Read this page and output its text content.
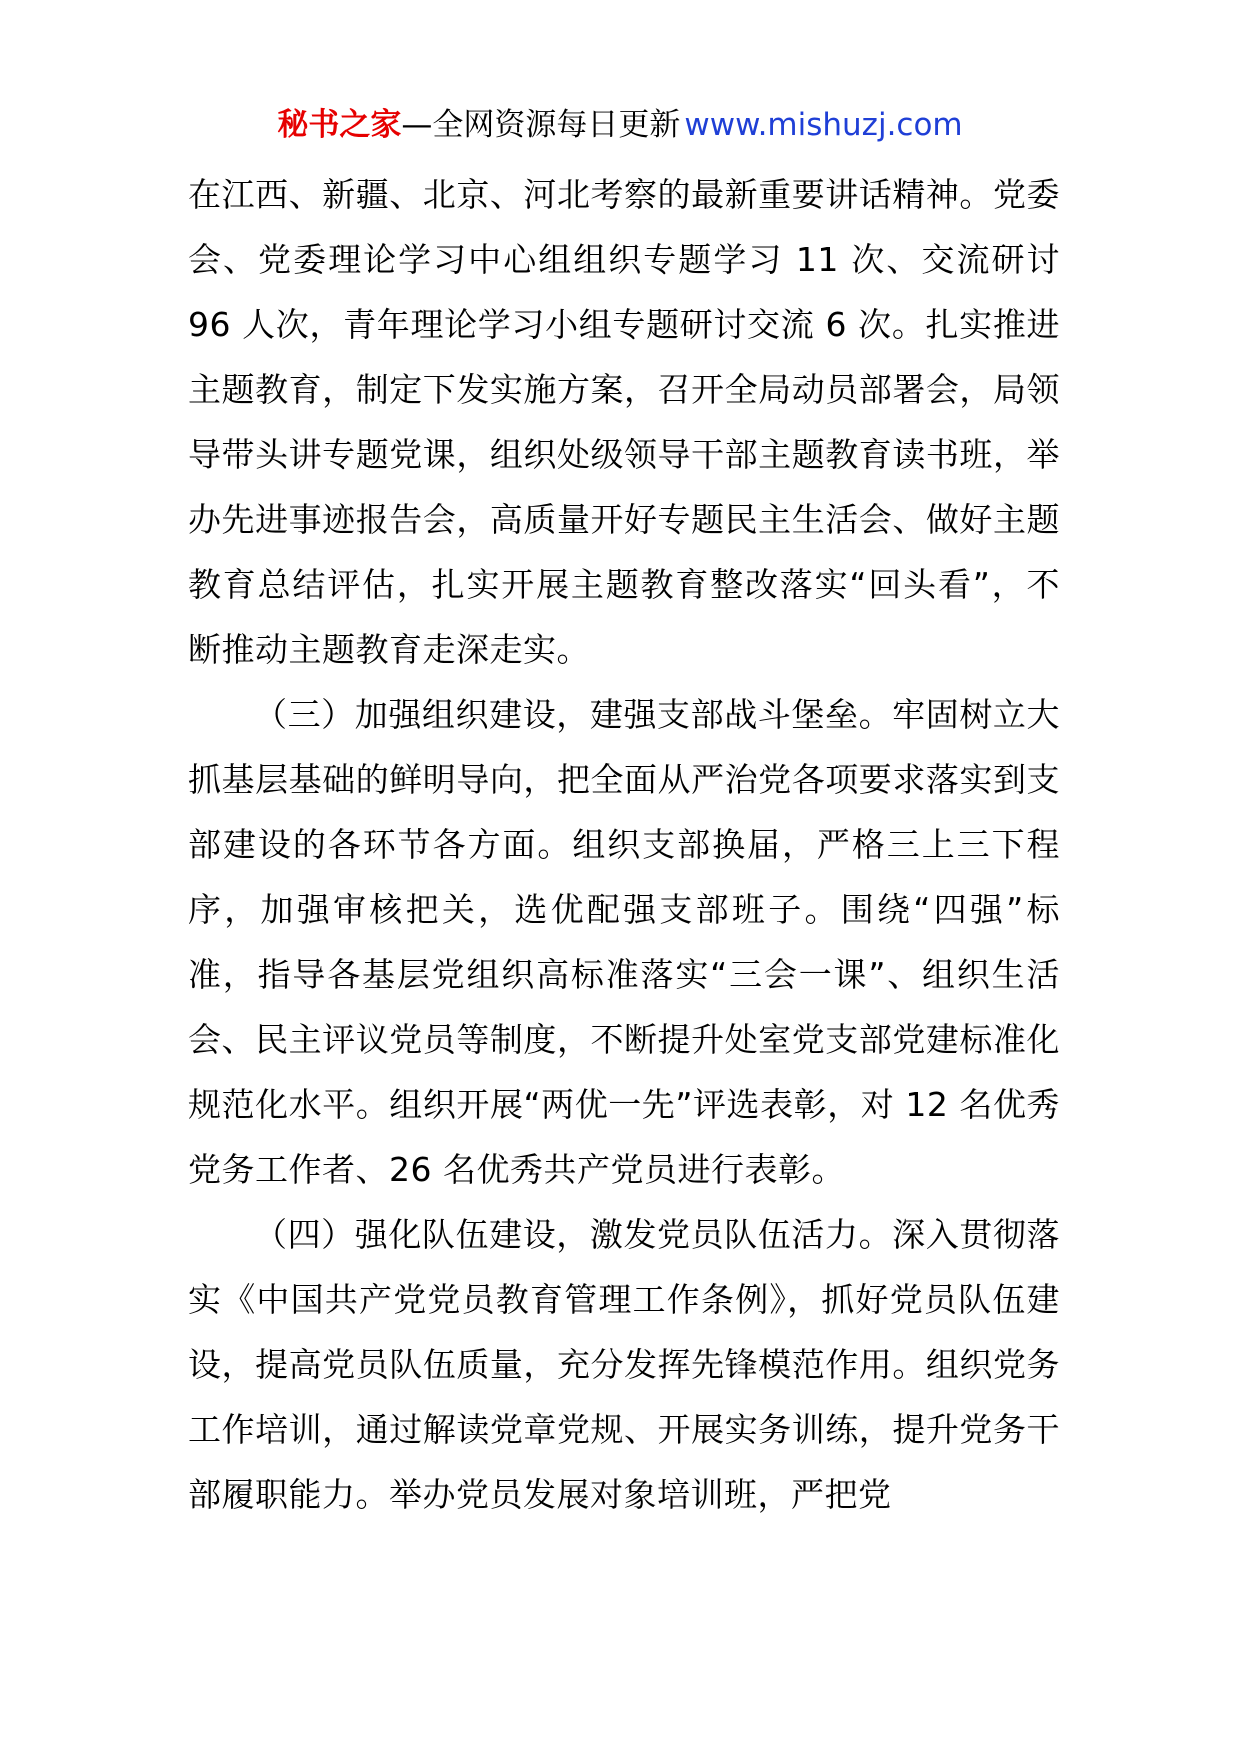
秘书之家—全网资源每日更新 www.mishuzj.com

在江西、新疆、北京、河北考察的最新重要讲话精神。党委会、党委理论学习中心组组织专题学习 11 次、交流研讨 96 人次，青年理论学习小组专题研讨交流 6 次。扎实推进主题教育，制定下发实施方案，召开全局动员部署会，局领导带头讲专题党课，组织处级领导干部主题教育读书班，举办先进事迹报告会，高质量开好专题民主生活会、做好主题教育总结评估，扎实开展主题教育整改落实“回头看”，不断推动主题教育走深走实。

（三）加强组织建设，建强支部战斗堡垒。牢固树立大抓基层基础的鲜明导向，把全面从严治党各项要求落实到支部建设的各环节各方面。组织支部换届，严格三上三下程序，加强审核把关，选优配强支部班子。围绕“四强”标准，指导各基层党组织高标准落实“三会一课”、组织生活会、民主评议党员等制度，不断提升处室党支部党建标准化规范化水平。组织开展“两优一先”评选表彰，对 12 名优秀党务工作者、26 名优秀共产党员进行表彰。

（四）强化队伍建设，激发党员队伍活力。深入贯彻落实《中国共产党党员教育管理工作条例》，抓好党员队伍建设，提高党员队伍质量，充分发挥先锋模范作用。组织党务工作培训，通过解读党章党规、开展实务训练，提升党务干部履职能力。举办党员发展对象培训班，严把党
